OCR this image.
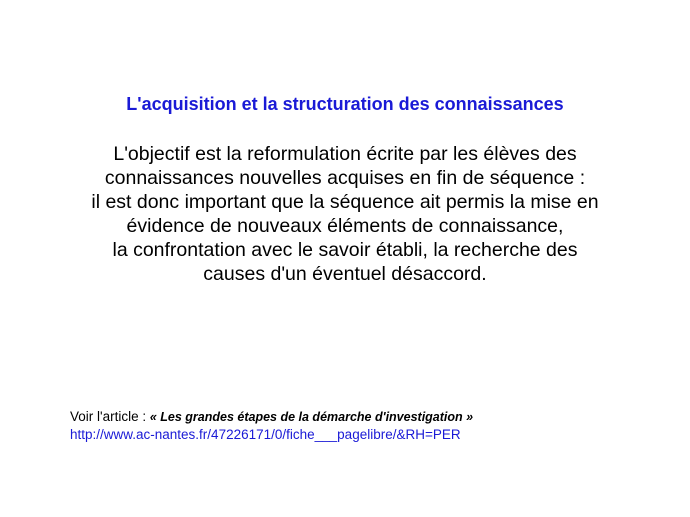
L'acquisition et la structuration des connaissances
L'objectif est la reformulation écrite par les élèves des
connaissances nouvelles acquises en fin de séquence :
il est donc important que la séquence ait permis la mise en
évidence de nouveaux éléments de connaissance,
la confrontation avec le savoir établi, la recherche des
causes d'un éventuel désaccord.
Voir l'article : « Les grandes étapes de la démarche d'investigation »
http://www.ac-nantes.fr/47226171/0/fiche___pagelibre/&RH=PER
